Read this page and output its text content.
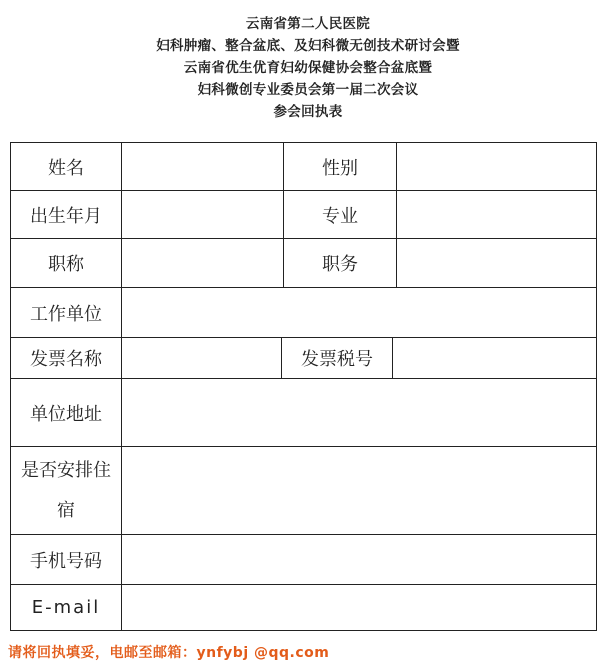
云南省第二人民医院
妇科肿瘤、整合盆底、及妇科微无创技术研讨会暨
云南省优生优育妇幼保健协会整合盆底暨
妇科微创专业委员会第一届二次会议
参会回执表
姓名		性别	
出生年月		专业	
职称		职务	
工作单位			
发票名称	发票税号		

单位地址			

是否安排住
宿			

手机号码			
E-mail			
请将回执填妥，电邮至邮箱：ynfybj @qq.com
